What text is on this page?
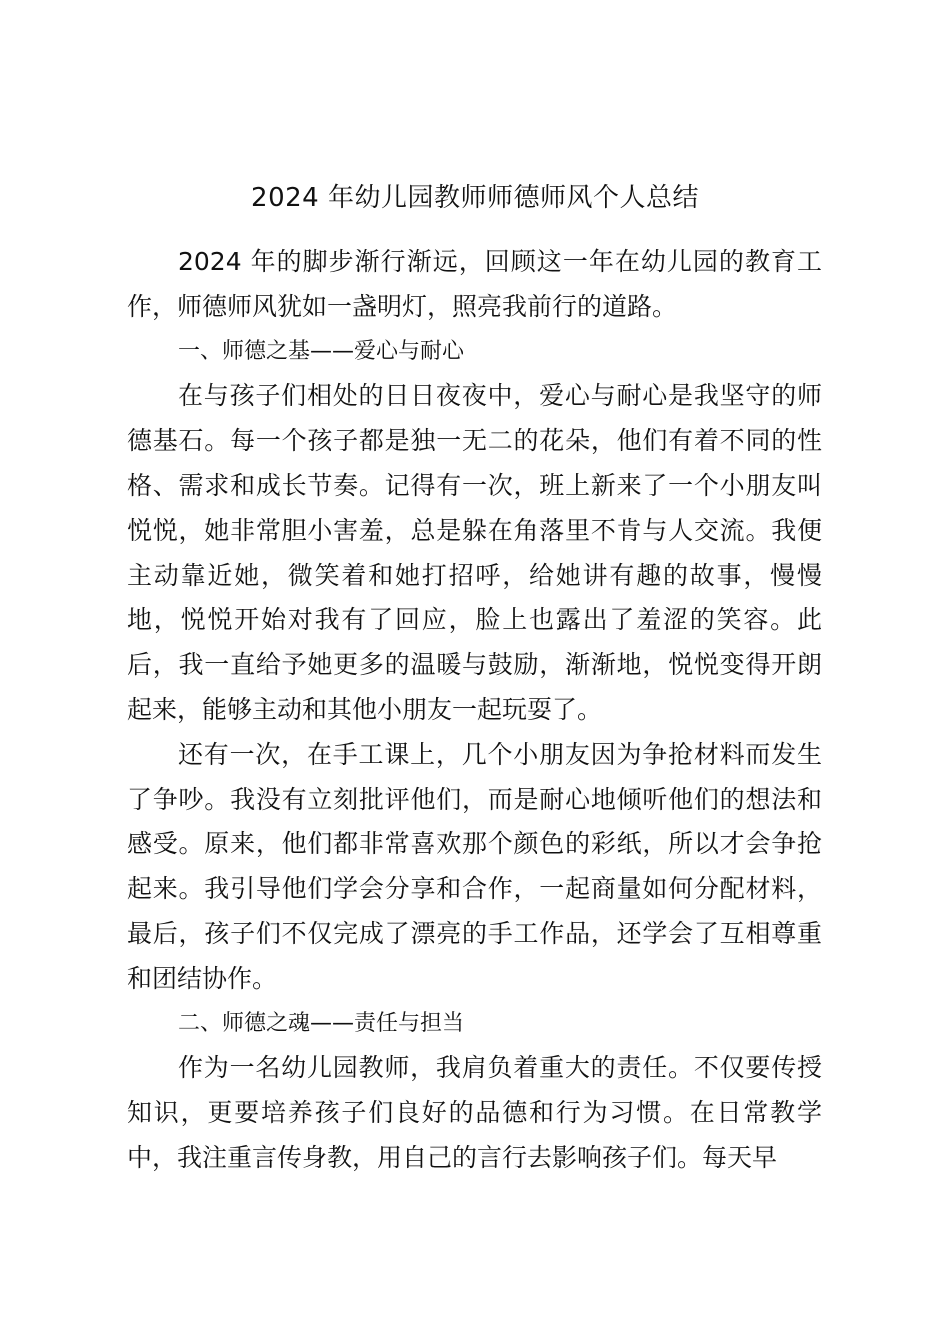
2024 年幼儿园教师师德师风个人总结

2024 年的脚步渐行渐远，回顾这一年在幼儿园的教育工作，师德师风犹如一盏明灯，照亮我前行的道路。

一、师德之基——爱心与耐心

在与孩子们相处的日日夜夜中，爱心与耐心是我坚守的师德基石。每一个孩子都是独一无二的花朵，他们有着不同的性格、需求和成长节奏。记得有一次，班上新来了一个小朋友叫悦悦，她非常胆小害羞，总是躲在角落里不肯与人交流。我便主动靠近她，微笑着和她打招呼，给她讲有趣的故事，慢慢地，悦悦开始对我有了回应，脸上也露出了羞涩的笑容。此后，我一直给予她更多的温暖与鼓励，渐渐地，悦悦变得开朗起来，能够主动和其他小朋友一起玩耍了。

还有一次，在手工课上，几个小朋友因为争抢材料而发生了争吵。我没有立刻批评他们，而是耐心地倾听他们的想法和感受。原来，他们都非常喜欢那个颜色的彩纸，所以才会争抢起来。我引导他们学会分享和合作，一起商量如何分配材料，最后，孩子们不仅完成了漂亮的手工作品，还学会了互相尊重和团结协作。

二、师德之魂——责任与担当

作为一名幼儿园教师，我肩负着重大的责任。不仅要传授知识，更要培养孩子们良好的品德和行为习惯。在日常教学中，我注重言传身教，用自己的言行去影响孩子们。每天早
